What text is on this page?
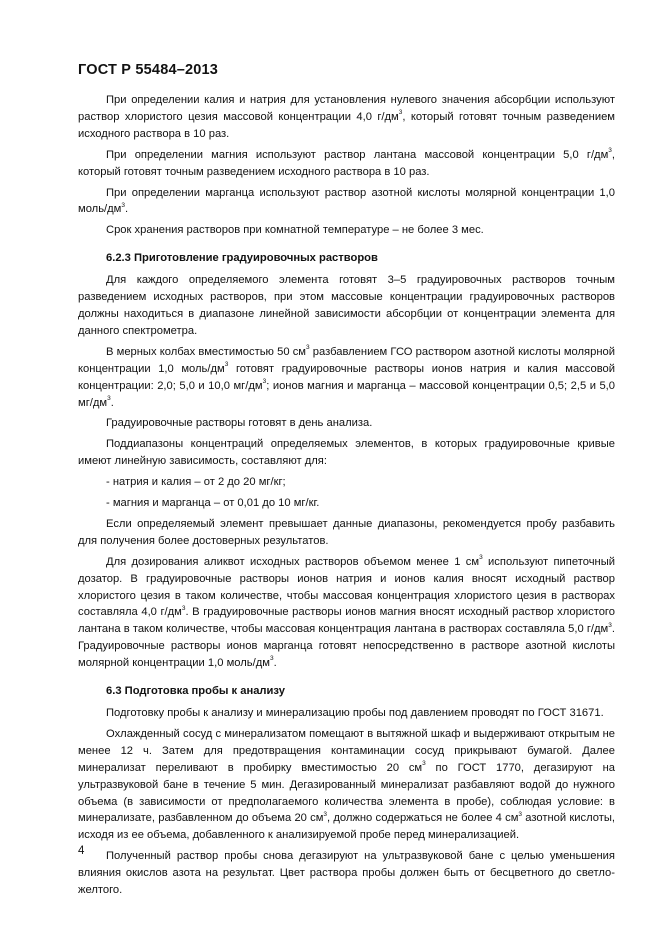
ГОСТ Р 55484–2013

При определении калия и натрия для установления нулевого значения абсорбции используют раствор хлористого цезия массовой концентрации 4,0 $г/дм^3$, который готовят точным разведением исходного раствора в 10 раз.

При определении магния используют раствор лантана массовой концентрации 5,0 $г/дм^3$, который готовят точным разведением исходного раствора в 10 раз.

При определении марганца используют раствор азотной кислоты молярной концентрации 1,0 моль/$дм^3$.

Срок хранения растворов при комнатной температуре – не более 3 мес.

6.2.3 Приготовление градуировочных растворов

Для каждого определяемого элемента готовят 3–5 градуировочных растворов точным разведением исходных растворов, при этом массовые концентрации градуировочных растворов должны находиться в диапазоне линейной зависимости абсорбции от концентрации элемента для данного спектрометра.

В мерных колбах вместимостью 50 $см^3$ разбавлением ГСО раствором азотной кислоты молярной концентрации 1,0 моль/$дм^3$ готовят градуировочные растворы ионов натрия и калия массовой концентрации: 2,0; 5,0 и 10,0 $мг/дм^3$; ионов магния и марганца – массовой концентрации 0,5; 2,5 и 5,0 $мг/дм^3$.

Градуировочные растворы готовят в день анализа.

Поддиапазоны концентраций определяемых элементов, в которых градуировочные кривые имеют линейную зависимость, составляют для:

- натрия и калия – от 2 до 20 мг/кг;

- магния и марганца – от 0,01 до 10 мг/кг.

Если определяемый элемент превышает данные диапазоны, рекомендуется пробу разбавить для получения более достоверных результатов.

Для дозирования аликвот исходных растворов объемом менее 1 $см^3$ используют пипеточный дозатор. В градуировочные растворы ионов натрия и ионов калия вносят исходный раствор хлористого цезия в таком количестве, чтобы массовая концентрация хлористого цезия в растворах составляла 4,0 $г/дм^3$. В градуировочные растворы ионов магния вносят исходный раствор хлористого лантана в таком количестве, чтобы массовая концентрация лантана в растворах составляла 5,0 $г/дм^3$. Градуировочные растворы ионов марганца готовят непосредственно в растворе азотной кислоты молярной концентрации 1,0 моль/$дм^3$.

6.3 Подготовка пробы к анализу

Подготовку пробы к анализу и минерализацию пробы под давлением проводят по ГОСТ 31671.

Охлажденный сосуд с минерализатом помещают в вытяжной шкаф и выдерживают открытым не менее 12 ч. Затем для предотвращения контаминации сосуд прикрывают бумагой. Далее минерализат переливают в пробирку вместимостью 20 $см^3$ по ГОСТ 1770, дегазируют на ультразвуковой бане в течение 5 мин. Дегазированный минерализат разбавляют водой до нужного объема (в зависимости от предполагаемого количества элемента в пробе), соблюдая условие: в минерализате, разбавленном до объема 20 $см^3$, должно содержаться не более 4 $см^3$ азотной кислоты, исходя из ее объема, добавленного к анализируемой пробе перед минерализацией.

Полученный раствор пробы снова дегазируют на ультразвуковой бане с целью уменьшения влияния окислов азота на результат. Цвет раствора пробы должен быть от бесцветного до светло-желтого.

4
